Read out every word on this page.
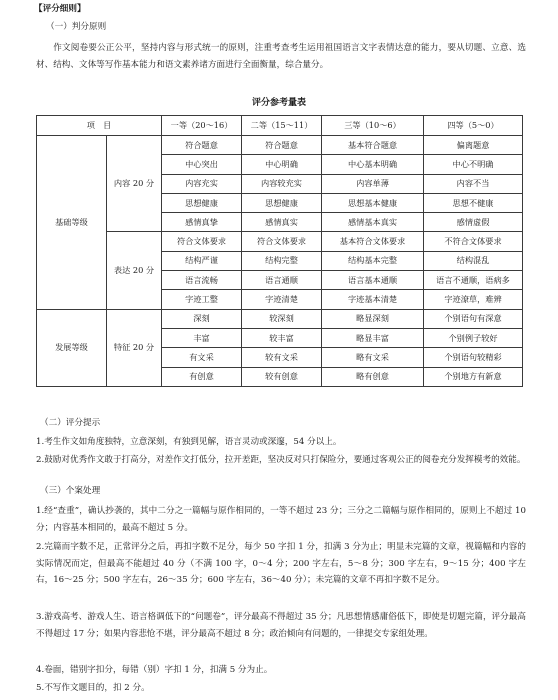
【评分细则】
（一）判分原则
作文阅卷要公正公平，坚持内容与形式统一的原则，注重考查考生运用祖国语言文字表情达意的能力，要从切题、立意、选材、结构、文体等写作基本能力和语文素养诸方面进行全面衡量，综合量分。
评分参考量表
项　目		一等（20～16）	二等（15～11）	三等（10～6）	四等（5～0）
基础等级	内容 20 分	符合题意	符合题意	基本符合题意	偏离题意
		中心突出	中心明确	中心基本明确	中心不明确
		内容充实	内容较充实	内容单薄	内容不当
		思想健康	思想健康	思想基本健康	思想不健康
		感情真挚	感情真实	感情基本真实	感情虚假
	表达 20 分	符合文体要求	符合文体要求	基本符合文体要求	不符合文体要求
		结构严谨	结构完整	结构基本完整	结构混乱
		语言流畅	语言通顺	语言基本通顺	语言不通顺，语病多
		字迹工整	字迹清楚	字迹基本清楚	字迹潦草，难辨
发展等级	特征 20 分	深刻	较深刻	略显深刻	个别语句有深意
		丰富	较丰富	略显丰富	个别例子较好
		有文采	较有文采	略有文采	个别语句较精彩
		有创意	较有创意	略有创意	个别地方有新意
（二）评分提示
1.考生作文如角度独特，立意深刻，有独到见解，语言灵动或深邃，54 分以上。
2.鼓励对优秀作文敢于打高分，对差作文打低分，拉开差距，坚决反对只打保险分，要通过客观公正的阅卷充分发挥模考的效能。
（三）个案处理
1.经“查重”，确认抄袭的，其中二分之一篇幅与原作相同的，一等不超过 23 分；三分之二篇幅与原作相同的，原则上不超过 10 分；内容基本相同的，最高不超过 5 分。
2.完篇而字数不足，正常评分之后，再扣字数不足分，每少 50 字扣 1 分，扣满 3 分为止；明显未完篇的文章，视篇幅和内容的实际情况而定，但最高不能超过 40 分（不满 100 字，0～4 分；200 字左右，5～8 分；300 字左右，9～15 分；400 字左右，16～25 分；500 字左右，26～35 分；600 字左右，36～40 分）；未完篇的文章不再扣字数不足分。
3.游戏高考、游戏人生、语言格调低下的“问题卷”，评分最高不得超过 35 分；凡思想情感庸俗低下，即使是切题完篇，评分最高不得超过 17 分；如果内容悲怆不堪，评分最高不超过 8 分；政治倾向有问题的，一律提交专家组处理。
4.卷面，错别字扣分，每错（别）字扣 1 分，扣满 5 分为止。
5.不写作文题目的，扣 2 分。
